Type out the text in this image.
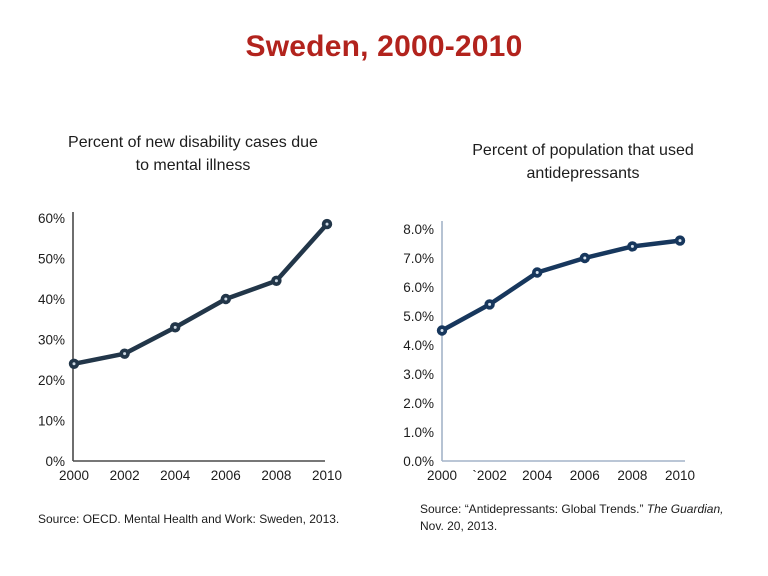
Sweden, 2000-2010
Percent of new disability cases due
to mental illness
Percent of population that used
antidepressants
0%
10%
20%
30%
40%
50%
60%
2000 2002 2004 2006 2008 2010
0.0%
1.0%
2.0%
3.0%
4.0%
5.0%
6.0%
7.0%
8.0%
2000 `2002 2004 2006 2008 2010
Source: OECD. Mental Health and Work: Sweden, 2013.
Source: “Antidepressants: Global Trends.” The Guardian, Nov. 20, 2013.
